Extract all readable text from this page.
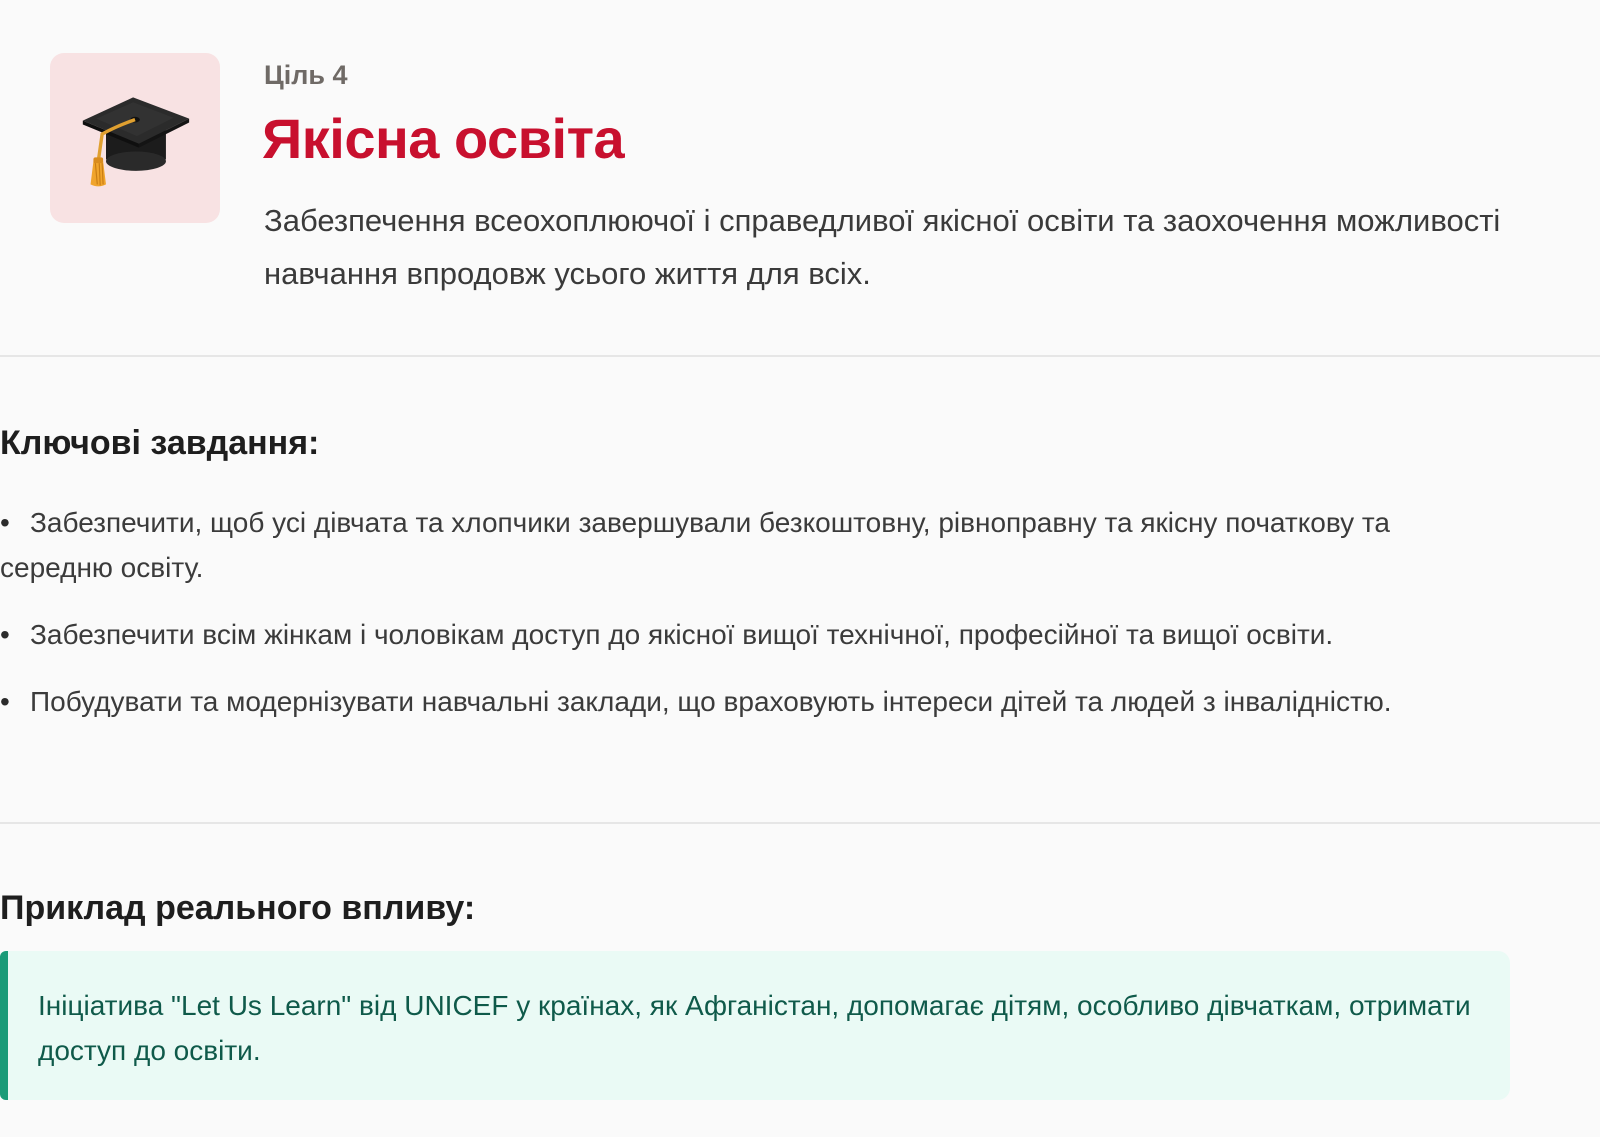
Ціль 4
Якісна освіта
Забезпечення всеохоплюючої і справедливої якісної освіти та заохочення можливості навчання впродовж усього життя для всіх.
Ключові завдання:
• Забезпечити, щоб усі дівчата та хлопчики завершували безкоштовну, рівноправну та якісну початкову та середню освіту.
• Забезпечити всім жінкам і чоловікам доступ до якісної вищої технічної, професійної та вищої освіти.
• Побудувати та модернізувати навчальні заклади, що враховують інтереси дітей та людей з інвалідністю.
Приклад реального впливу:
Ініціатива "Let Us Learn" від UNICEF у країнах, як Афганістан, допомагає дітям, особливо дівчаткам, отримати доступ до освіти.
